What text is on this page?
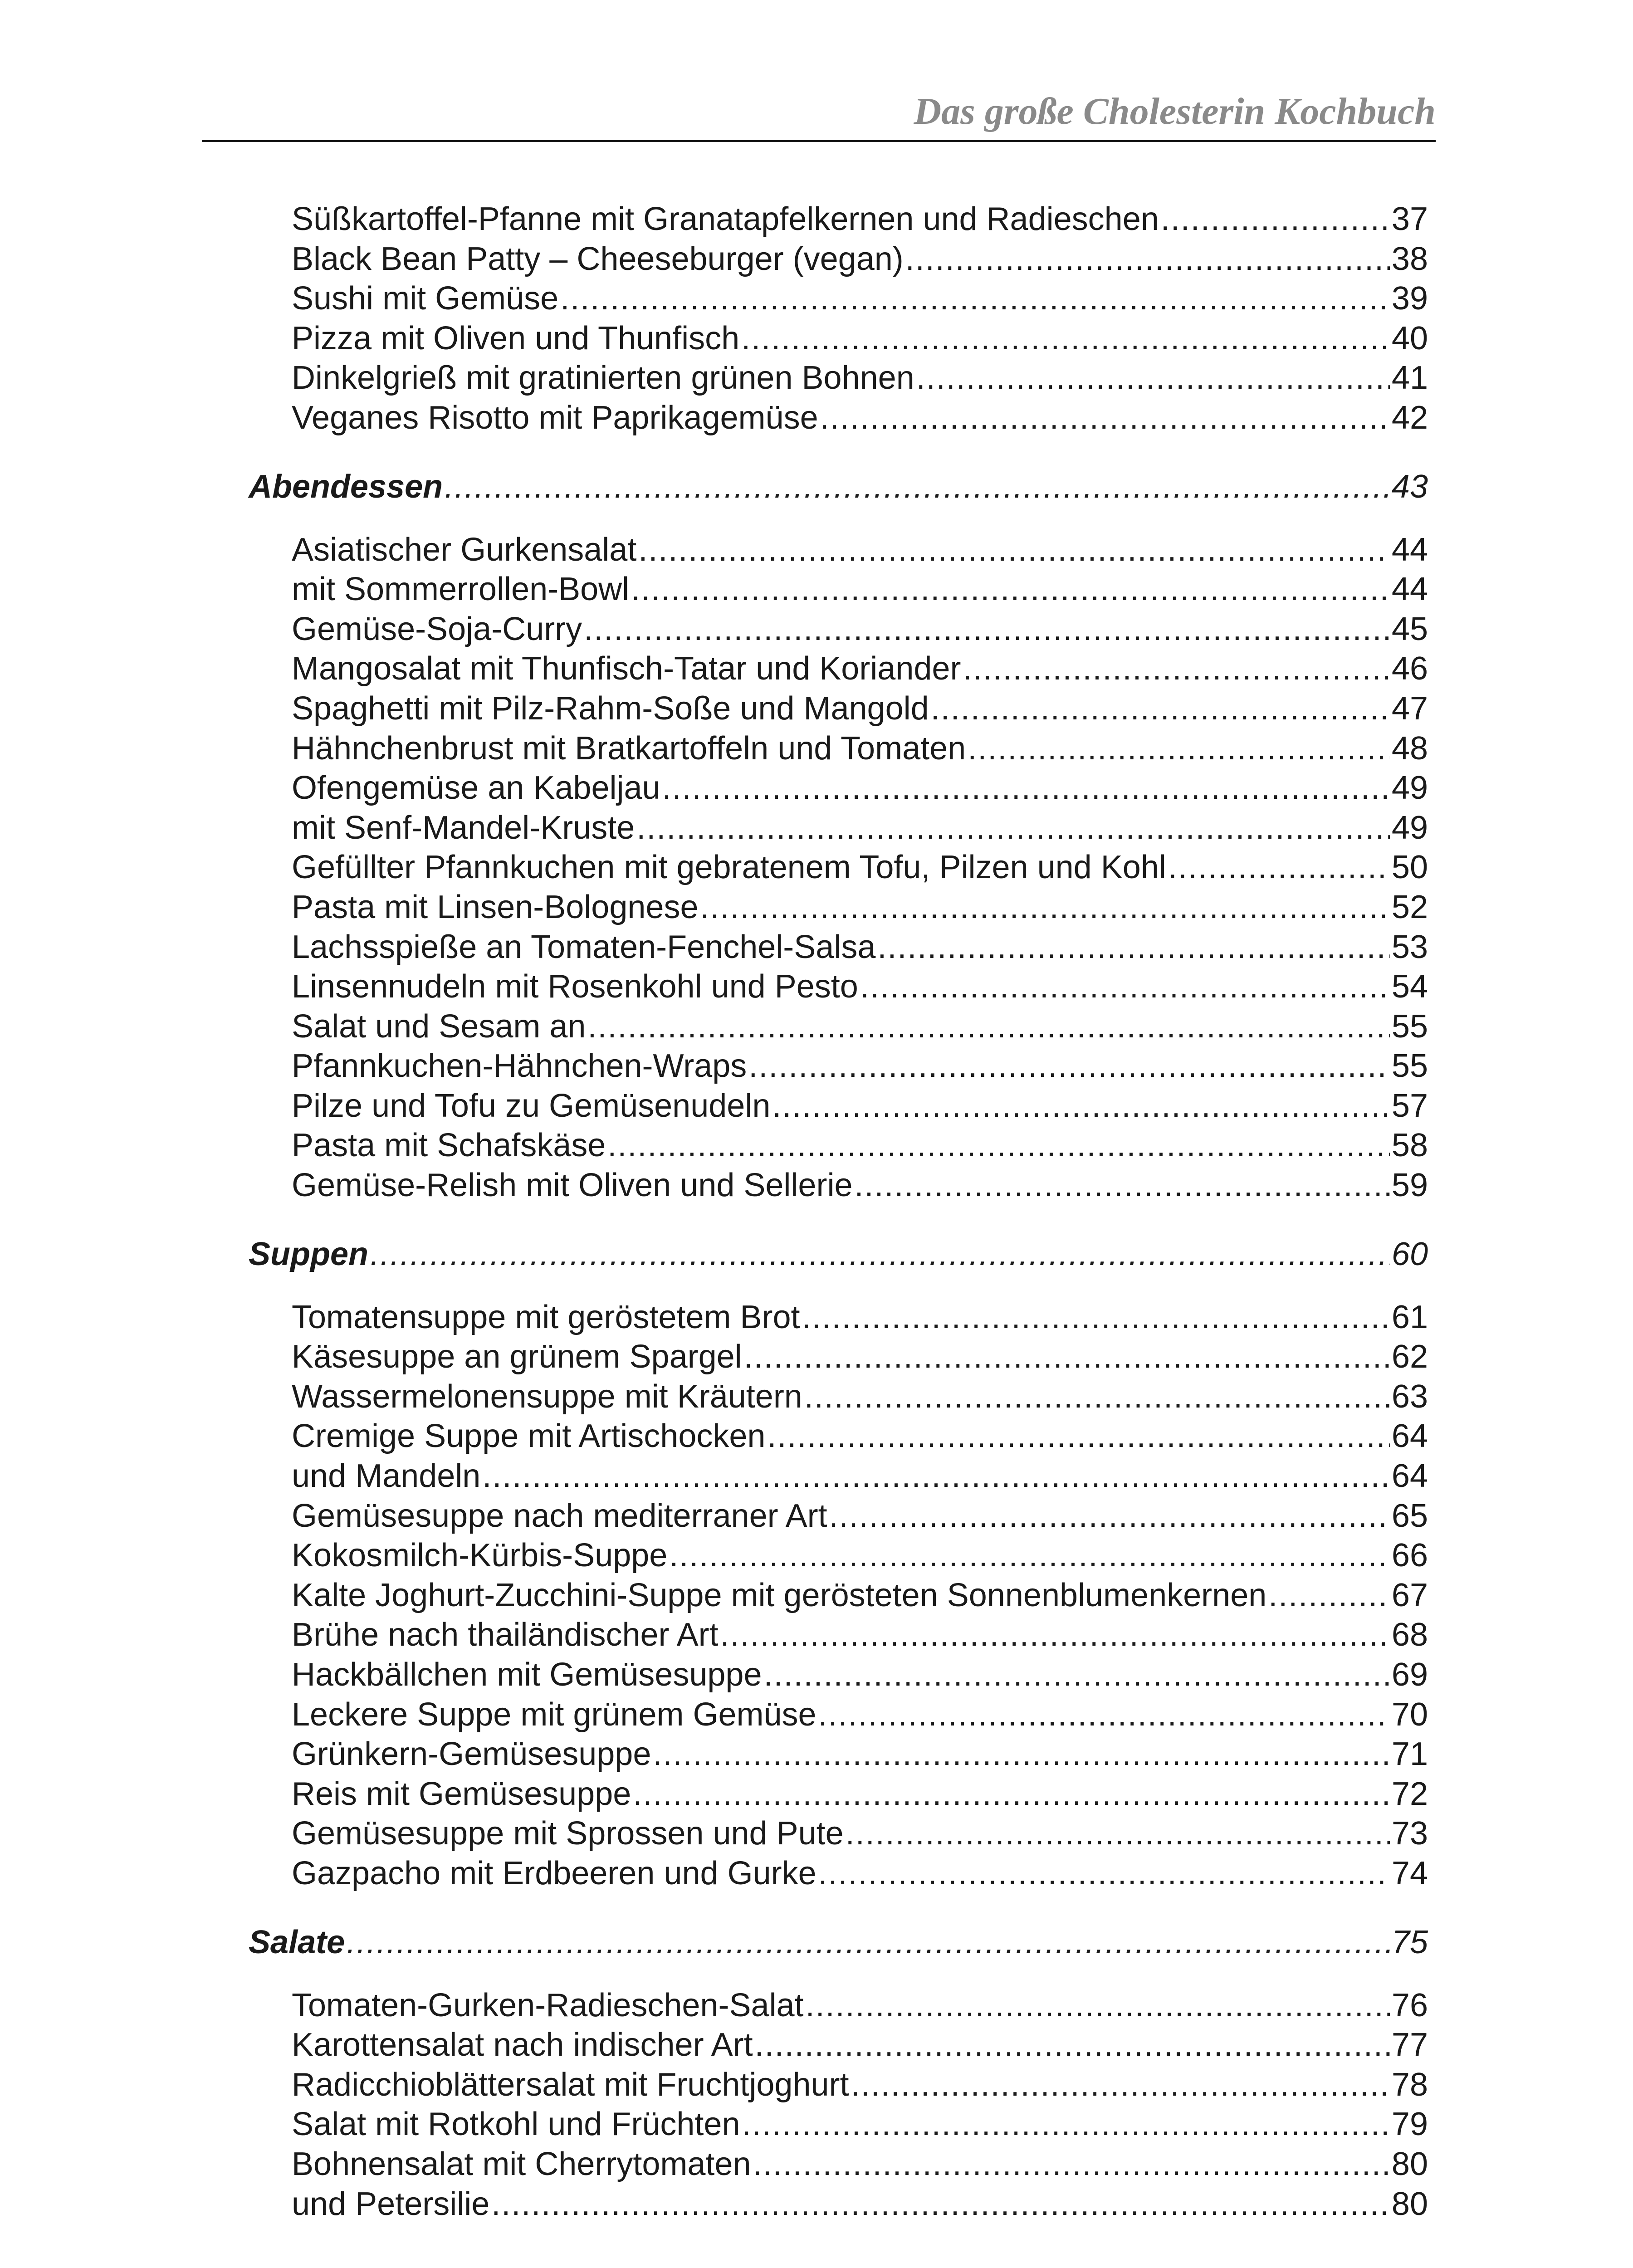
Das große Cholesterin Kochbuch
Süßkartoffel-Pfanne mit Granatapfelkernen und Radieschen .....	37
Black Bean Patty – Cheeseburger (vegan) .....	38
Sushi mit Gemüse .....	39
Pizza mit Oliven und Thunfisch .....	40
Dinkelgrieß mit gratinierten grünen Bohnen .....	41
Veganes Risotto mit Paprikagemüse .....	42
Abendessen .....	43
Asiatischer Gurkensalat .....	44
mit Sommerrollen-Bowl .....	44
Gemüse-Soja-Curry .....	45
Mangosalat mit Thunfisch-Tatar und Koriander .....	46
Spaghetti mit Pilz-Rahm-Soße und Mangold .....	47
Hähnchenbrust mit Bratkartoffeln und Tomaten .....	48
Ofengemüse an Kabeljau .....	49
mit Senf-Mandel-Kruste .....	49
Gefüllter Pfannkuchen mit gebratenem Tofu, Pilzen und Kohl .....	50
Pasta mit Linsen-Bolognese .....	52
Lachsspieße an Tomaten-Fenchel-Salsa .....	53
Linsennudeln mit Rosenkohl und Pesto .....	54
Salat und Sesam an .....	55
Pfannkuchen-Hähnchen-Wraps .....	55
Pilze und Tofu zu Gemüsenudeln .....	57
Pasta mit Schafskäse .....	58
Gemüse-Relish mit Oliven und Sellerie .....	59
Suppen .....	60
Tomatensuppe mit geröstetem Brot .....	61
Käsesuppe an grünem Spargel .....	62
Wassermelonensuppe mit Kräutern .....	63
Cremige Suppe mit Artischocken .....	64
und Mandeln .....	64
Gemüsesuppe nach mediterraner Art .....	65
Kokosmilch-Kürbis-Suppe .....	66
Kalte Joghurt-Zucchini-Suppe mit gerösteten Sonnenblumenkernen .....	67
Brühe nach thailändischer Art .....	68
Hackbällchen mit Gemüsesuppe .....	69
Leckere Suppe mit grünem Gemüse .....	70
Grünkern-Gemüsesuppe .....	71
Reis mit Gemüsesuppe .....	72
Gemüsesuppe mit Sprossen und Pute .....	73
Gazpacho mit Erdbeeren und Gurke .....	74
Salate .....	75
Tomaten-Gurken-Radieschen-Salat .....	76
Karottensalat nach indischer Art .....	77
Radicchioblättersalat mit Fruchtjoghurt .....	78
Salat mit Rotkohl und Früchten .....	79
Bohnensalat mit Cherrytomaten .....	80
und Petersilie .....	80
